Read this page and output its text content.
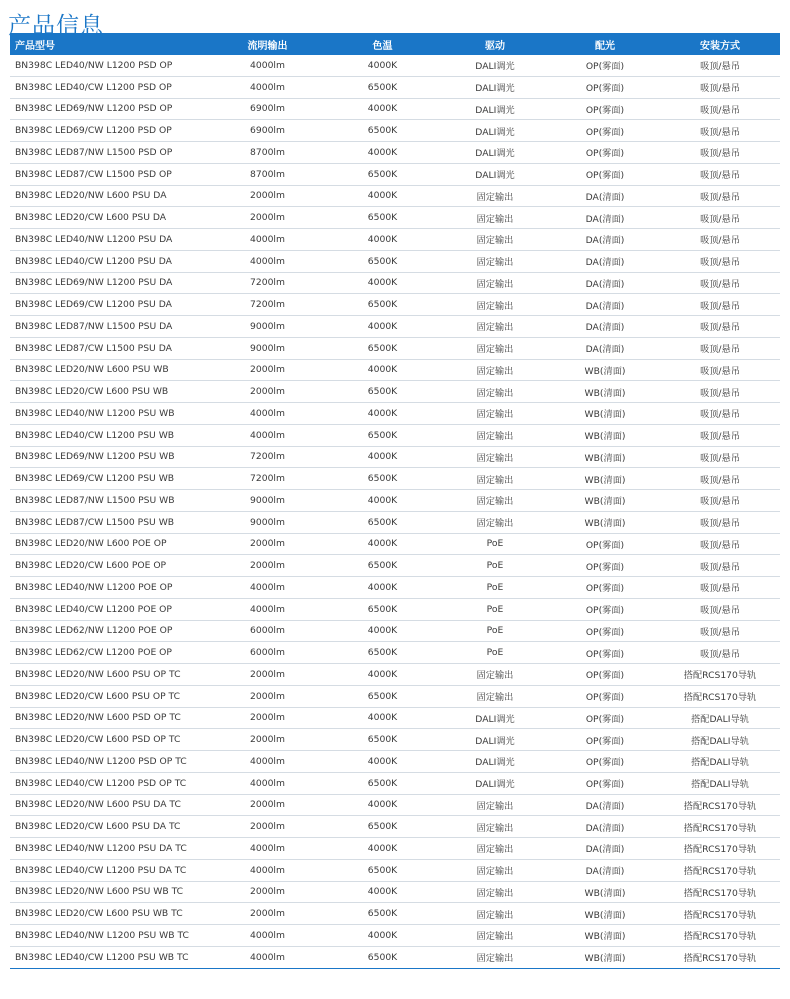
产品信息
产品型号	流明输出	色温	驱动	配光	安装方式
BN398C LED40/NW L1200 PSD OP	4000lm	4000K	DALI调光	OP(雾面)	吸顶/悬吊
BN398C LED40/CW L1200 PSD OP	4000lm	6500K	DALI调光	OP(雾面)	吸顶/悬吊
BN398C LED69/NW L1200 PSD OP	6900lm	4000K	DALI调光	OP(雾面)	吸顶/悬吊
BN398C LED69/CW L1200 PSD OP	6900lm	6500K	DALI调光	OP(雾面)	吸顶/悬吊
BN398C LED87/NW L1500 PSD OP	8700lm	4000K	DALI调光	OP(雾面)	吸顶/悬吊
BN398C LED87/CW L1500 PSD OP	8700lm	6500K	DALI调光	OP(雾面)	吸顶/悬吊
BN398C LED20/NW L600 PSU DA	2000lm	4000K	固定输出	DA(清面)	吸顶/悬吊
BN398C LED20/CW L600 PSU DA	2000lm	6500K	固定输出	DA(清面)	吸顶/悬吊
BN398C LED40/NW L1200 PSU DA	4000lm	4000K	固定输出	DA(清面)	吸顶/悬吊
BN398C LED40/CW L1200 PSU DA	4000lm	6500K	固定输出	DA(清面)	吸顶/悬吊
BN398C LED69/NW L1200 PSU DA	7200lm	4000K	固定输出	DA(清面)	吸顶/悬吊
BN398C LED69/CW L1200 PSU DA	7200lm	6500K	固定输出	DA(清面)	吸顶/悬吊
BN398C LED87/NW L1500 PSU DA	9000lm	4000K	固定输出	DA(清面)	吸顶/悬吊
BN398C LED87/CW L1500 PSU DA	9000lm	6500K	固定输出	DA(清面)	吸顶/悬吊
BN398C LED20/NW L600 PSU WB	2000lm	4000K	固定输出	WB(清面)	吸顶/悬吊
BN398C LED20/CW L600 PSU WB	2000lm	6500K	固定输出	WB(清面)	吸顶/悬吊
BN398C LED40/NW L1200 PSU WB	4000lm	4000K	固定输出	WB(清面)	吸顶/悬吊
BN398C LED40/CW L1200 PSU WB	4000lm	6500K	固定输出	WB(清面)	吸顶/悬吊
BN398C LED69/NW L1200 PSU WB	7200lm	4000K	固定输出	WB(清面)	吸顶/悬吊
BN398C LED69/CW L1200 PSU WB	7200lm	6500K	固定输出	WB(清面)	吸顶/悬吊
BN398C LED87/NW L1500 PSU WB	9000lm	4000K	固定输出	WB(清面)	吸顶/悬吊
BN398C LED87/CW L1500 PSU WB	9000lm	6500K	固定输出	WB(清面)	吸顶/悬吊
BN398C LED20/NW L600 POE OP	2000lm	4000K	PoE	OP(雾面)	吸顶/悬吊
BN398C LED20/CW L600 POE OP	2000lm	6500K	PoE	OP(雾面)	吸顶/悬吊
BN398C LED40/NW L1200 POE OP	4000lm	4000K	PoE	OP(雾面)	吸顶/悬吊
BN398C LED40/CW L1200 POE OP	4000lm	6500K	PoE	OP(雾面)	吸顶/悬吊
BN398C LED62/NW L1200 POE OP	6000lm	4000K	PoE	OP(雾面)	吸顶/悬吊
BN398C LED62/CW L1200 POE OP	6000lm	6500K	PoE	OP(雾面)	吸顶/悬吊
BN398C LED20/NW L600 PSU OP TC	2000lm	4000K	固定输出	OP(雾面)	搭配RCS170导轨
BN398C LED20/CW L600 PSU OP TC	2000lm	6500K	固定输出	OP(雾面)	搭配RCS170导轨
BN398C LED20/NW L600 PSD OP TC	2000lm	4000K	DALI调光	OP(雾面)	搭配DALI导轨
BN398C LED20/CW L600 PSD OP TC	2000lm	6500K	DALI调光	OP(雾面)	搭配DALI导轨
BN398C LED40/NW L1200 PSD OP TC	4000lm	4000K	DALI调光	OP(雾面)	搭配DALI导轨
BN398C LED40/CW L1200 PSD OP TC	4000lm	6500K	DALI调光	OP(雾面)	搭配DALI导轨
BN398C LED20/NW L600 PSU DA TC	2000lm	4000K	固定输出	DA(清面)	搭配RCS170导轨
BN398C LED20/CW L600 PSU DA TC	2000lm	6500K	固定输出	DA(清面)	搭配RCS170导轨
BN398C LED40/NW L1200 PSU DA TC	4000lm	4000K	固定输出	DA(清面)	搭配RCS170导轨
BN398C LED40/CW L1200 PSU DA TC	4000lm	6500K	固定输出	DA(清面)	搭配RCS170导轨
BN398C LED20/NW L600 PSU WB TC	2000lm	4000K	固定输出	WB(清面)	搭配RCS170导轨
BN398C LED20/CW L600 PSU WB TC	2000lm	6500K	固定输出	WB(清面)	搭配RCS170导轨
BN398C LED40/NW L1200 PSU WB TC	4000lm	4000K	固定输出	WB(清面)	搭配RCS170导轨
BN398C LED40/CW L1200 PSU WB TC	4000lm	6500K	固定输出	WB(清面)	搭配RCS170导轨
